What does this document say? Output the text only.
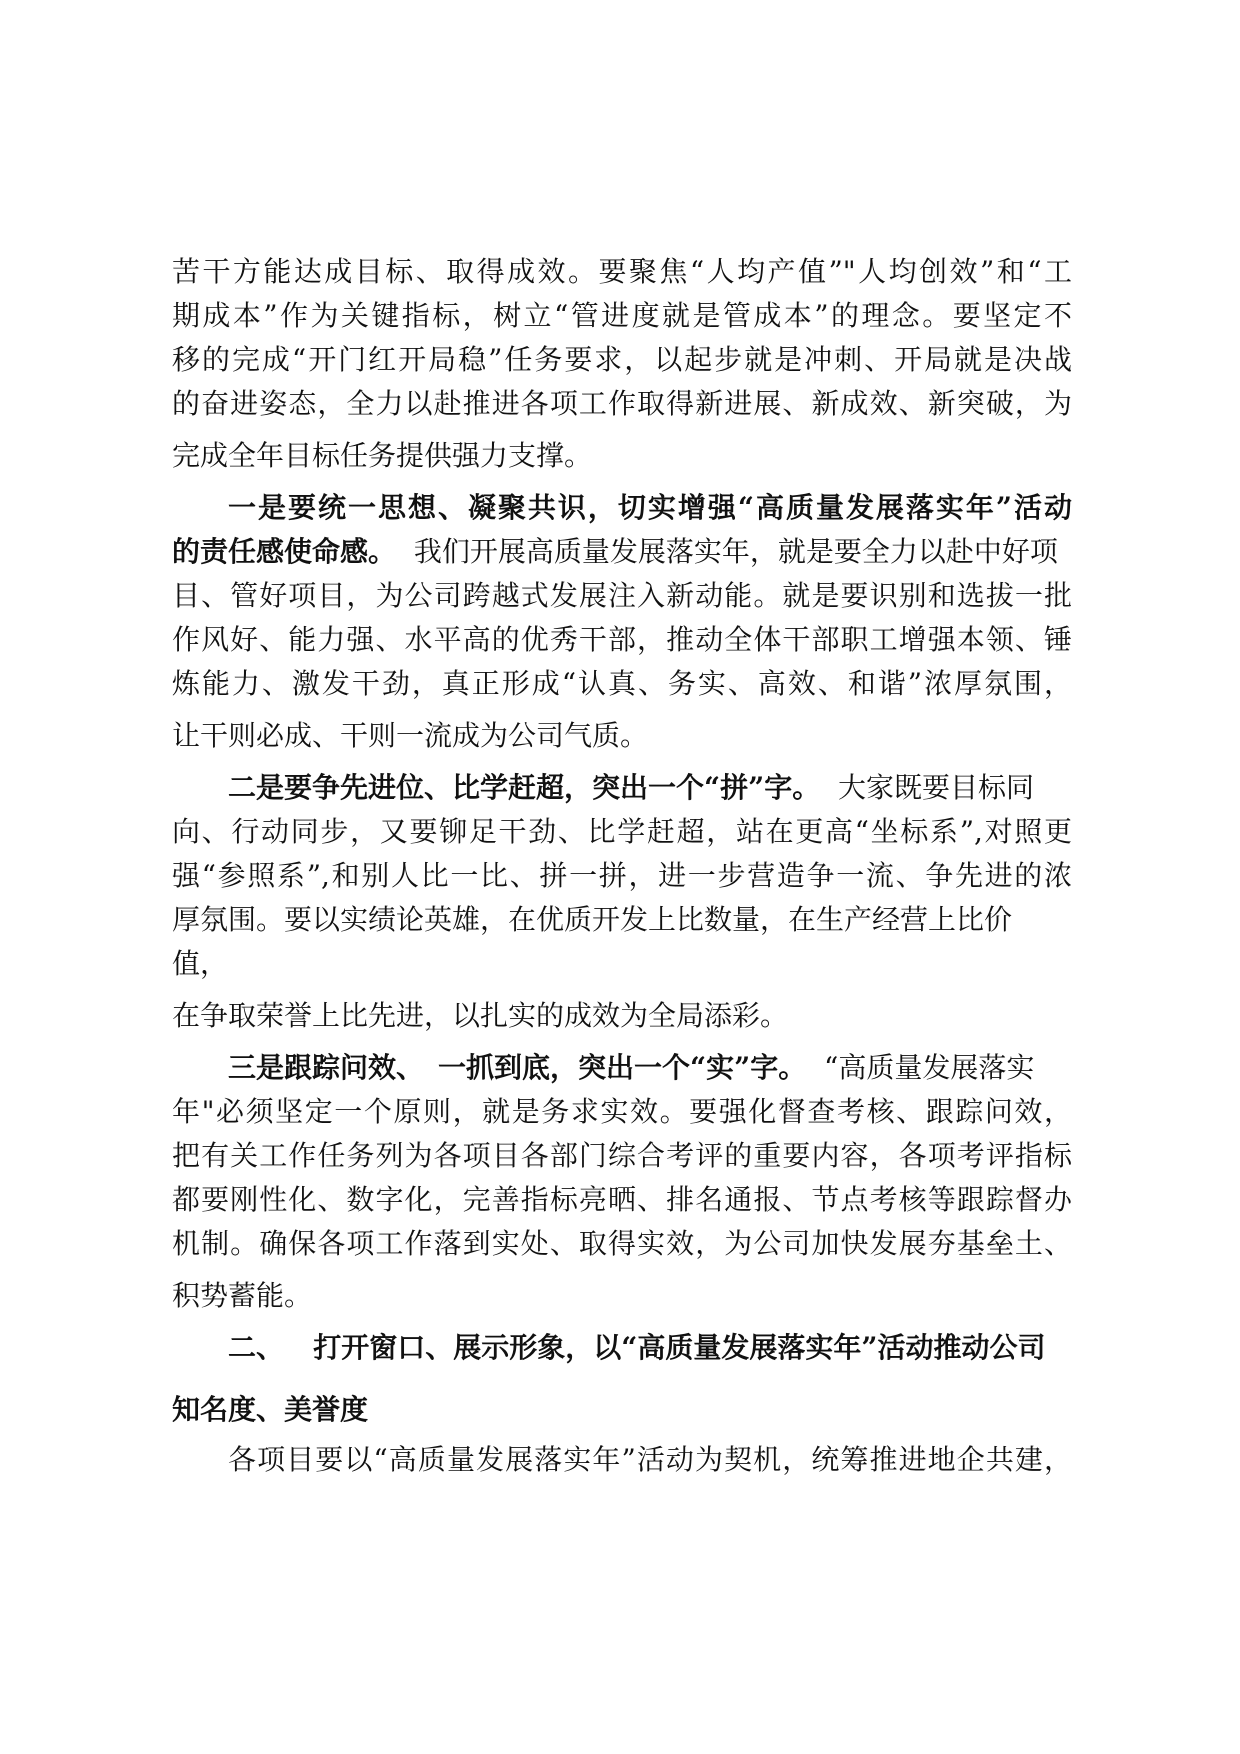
苦干方能达成目标、取得成效。要聚焦“人均产值”"人均创效”和“工

期成本”作为关键指标，树立“管进度就是管成本”的理念。要坚定不

移的完成“开门红开局稳”任务要求，以起步就是冲刺、开局就是决战

的奋进姿态，全力以赴推进各项工作取得新进展、新成效、新突破，为

完成全年目标任务提供强力支撑。

一是要统一思想、凝聚共识，切实增强“高质量发展落实年”活动

的责任感使命感。 我们开展高质量发展落实年，就是要全力以赴中好项

目、管好项目，为公司跨越式发展注入新动能。就是要识别和选拔一批

作风好、能力强、水平高的优秀干部，推动全体干部职工增强本领、锤

炼能力、激发干劲，真正形成“认真、务实、高效、和谐”浓厚氛围，

让干则必成、干则一流成为公司气质。

二是要争先进位、比学赶超，突出一个“拼”字。 大家既要目标同

向、行动同步，又要铆足干劲、比学赶超，站在更高“坐标系”,对照更

强“参照系”,和别人比一比、拼一拼，进一步营造争一流、争先进的浓

厚氛围。要以实绩论英雄，在优质开发上比数量，在生产经营上比价

值，

在争取荣誉上比先进，以扎实的成效为全局添彩。

三是跟踪问效、　一抓到底，突出一个“实”字。 “高质量发展落实

年"必须坚定一个原则，就是务求实效。要强化督查考核、跟踪问效，

把有关工作任务列为各项目各部门综合考评的重要内容，各项考评指标

都要刚性化、数字化，完善指标亮晒、排名通报、节点考核等跟踪督办

机制。确保各项工作落到实处、取得实效，为公司加快发展夯基垒土、

积势蓄能。

二、 打开窗口、展示形象，以“高质量发展落实年”活动推动公司

知名度、美誉度

各项目要以“高质量发展落实年”活动为契机，统筹推进地企共建，
